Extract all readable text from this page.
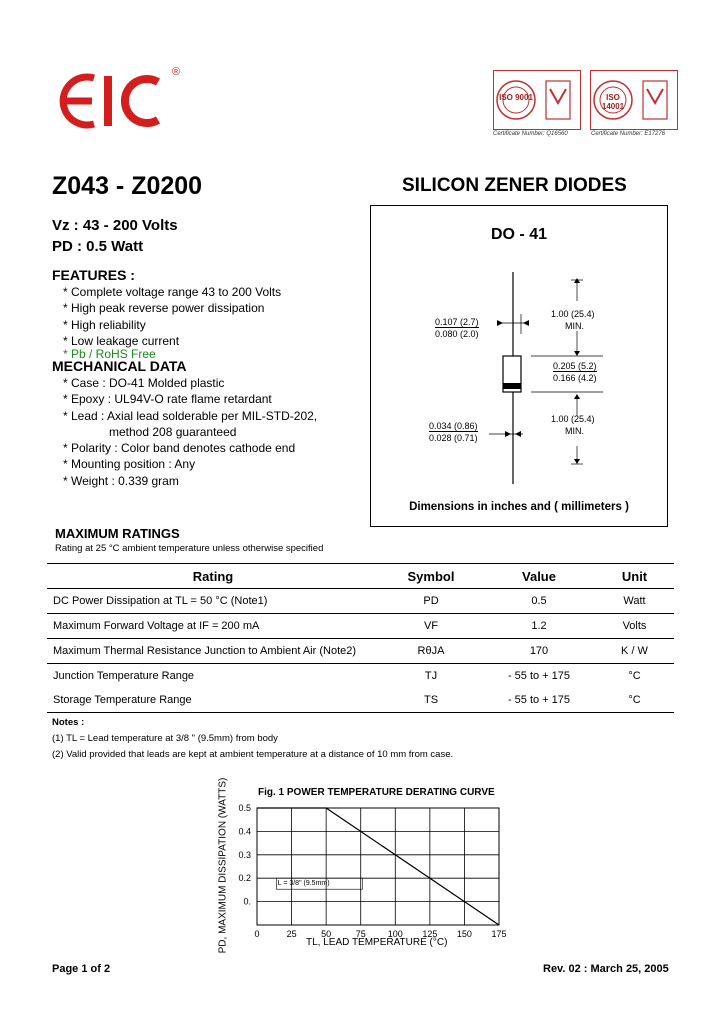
®
ISO 9001
Certificate Number: Q16560
ISO 14001
Certificate Number: E17276
Z043 - Z0200	SILICON ZENER DIODES
Vz : 43 - 200 Volts
PD : 0.5 Watt
FEATURES :
* Complete voltage range 43 to 200 Volts
* High peak reverse power dissipation
* High reliability
* Low leakage current
* Pb / RoHS Free
MECHANICAL DATA
* Case : DO-41 Molded plastic
* Epoxy : UL94V-O rate flame retardant
* Lead : Axial lead solderable per MIL-STD-202,
method 208 guaranteed
* Polarity : Color band denotes cathode end
* Mounting position : Any
* Weight : 0.339 gram
DO - 41
1.00 (25.4)
MIN.
0.107 (2.7)
0.080 (2.0)
0.205 (5.2)
0.166 (4.2)
0.034 (0.86)
0.028 (0.71)
1.00 (25.4)
MIN.
Dimensions in inches and ( millimeters )
MAXIMUM RATINGS
Rating at 25 °C ambient temperature unless otherwise specified
Rating	Symbol	Value	Unit
DC Power Dissipation at TL = 50 °C (Note1)	PD	0.5	Watt
Maximum Forward Voltage at IF = 200 mA	VF	1.2	Volts
Maximum Thermal Resistance Junction to Ambient Air (Note2)	RθJA	170	K / W
Junction Temperature Range	TJ	- 55 to + 175	°C
Storage Temperature Range	TS	- 55 to + 175	°C
Notes :
(1) TL = Lead temperature at 3/8 " (9.5mm) from body
(2) Valid provided that leads are kept at ambient temperature at a distance of 10 mm from case.
Fig. 1 POWER TEMPERATURE DERATING CURVE
PD, MAXIMUM DISSIPATION (WATTS)	0	25	50	75 100 125 150 175
0.5
0.4
0.3
0.2
0.
L = 3/8" (9.5mm)
TL, LEAD TEMPERATURE (°C)
Page 1 of 2	Rev. 02 : March 25, 2005
